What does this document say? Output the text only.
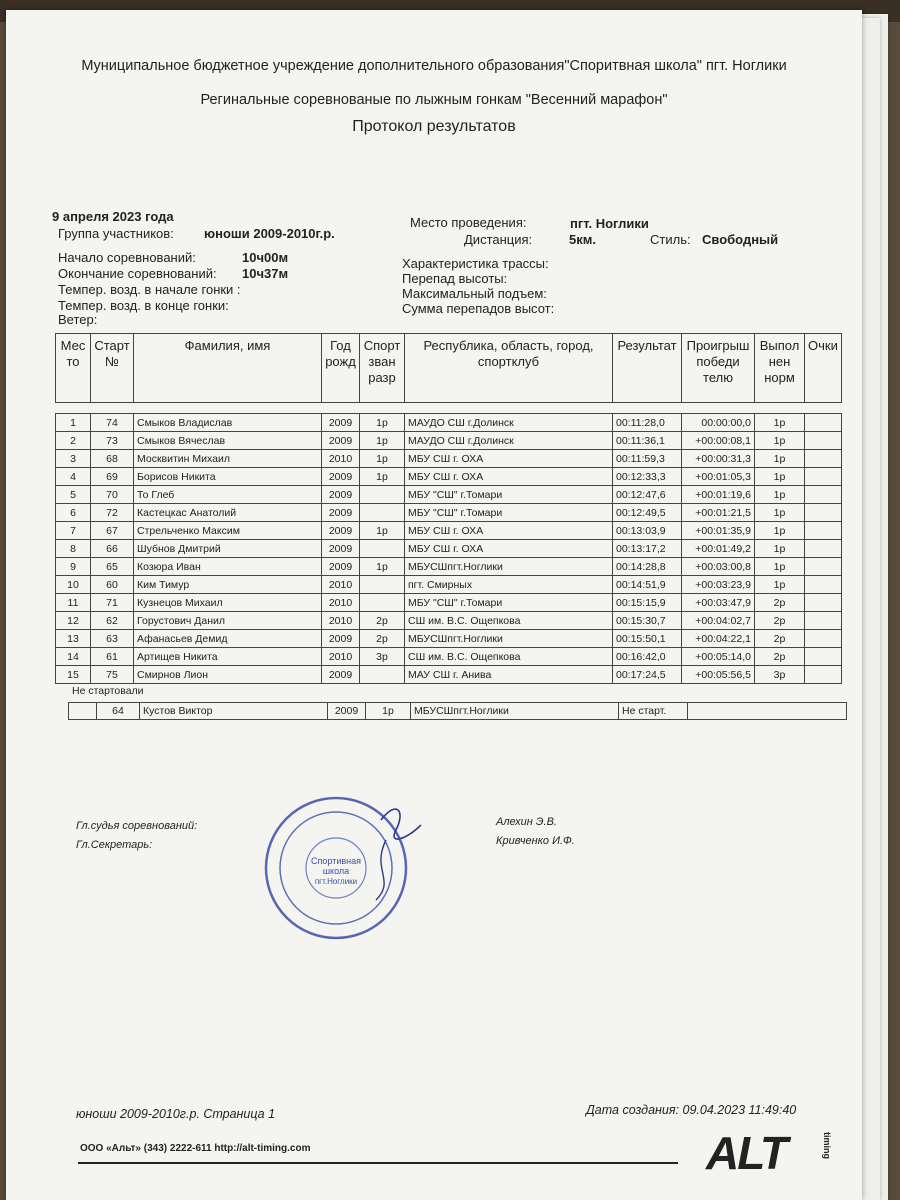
Муниципальное бюджетное учреждение дополнительного образования"Споритвная школа" пгт. Ноглики
Регинальные соревнованые по лыжным гонкам "Весенний марафон"
Протокол результатов
9 апреля 2023 года
Группа участников: юноши 2009-2010г.р.
Место проведения:	пгт. Ноглики
Дистанция:	5км.	Стиль: Свободный
Начало соревнований:	10ч00м
Окончание соревнований: 10ч37м
Темпер. возд. в начале гонки :
Темпер. возд. в конце гонки:
Ветер:
Характеристика трассы:
Перепад высоты:
Максимальный подъем:
Сумма перепадов высот:
Мес то	Старт №	Фамилия, имя	Год рожд	Спорт зван разр	Республика, область, город, спортклуб	Результат	Проигрыш победи телю	Выпол нен норм	Очки

1	74	Смыков Владислав	2009	1р	МАУДО СШ г.Долинск	00:11:28,0	00:00:00,0	1р	
2	73	Смыков Вячеслав	2009	1р	МАУДО СШ г.Долинск	00:11:36,1	+00:00:08,1	1р	
3	68	Москвитин Михаил	2010	1р	МБУ СШ г. ОХА	00:11:59,3	+00:00:31,3	1р	
4	69	Борисов Никита	2009	1р	МБУ СШ г. ОХА	00:12:33,3	+00:01:05,3	1р	
5	70	То Глеб	2009		МБУ "СШ" г.Томари	00:12:47,6	+00:01:19,6	1р	
6	72	Кастецкас Анатолий	2009		МБУ "СШ" г.Томари	00:12:49,5	+00:01:21,5	1р	
7	67	Стрельченко Максим	2009	1р	МБУ СШ г. ОХА	00:13:03,9	+00:01:35,9	1р	
8	66	Шубнов Дмитрий	2009		МБУ СШ г. ОХА	00:13:17,2	+00:01:49,2	1р	
9	65	Козюра Иван	2009	1р	МБУСШпгт.Ноглики	00:14:28,8	+00:03:00,8	1р	
10	60	Ким Тимур	2010		пгт. Смирных	00:14:51,9	+00:03:23,9	1р	
11	71	Кузнецов Михаил	2010		МБУ "СШ" г.Томари	00:15:15,9	+00:03:47,9	2р	
12	62	Горустович Данил	2010	2р	СШ им. В.С. Ощепкова	00:15:30,7	+00:04:02,7	2р	
13	63	Афанасьев Демид	2009	2р	МБУСШпгт.Ноглики	00:15:50,1	+00:04:22,1	2р	
14	61	Артищев Никита	2010	3р	СШ им. В.С. Ощепкова	00:16:42,0	+00:05:14,0	2р	
15	75	Смирнов Лион	2009		МАУ СШ г. Анива	00:17:24,5	+00:05:56,5	3р	
Не стартовали
	64	Кустов Виктор	2009	1р	МБУСШпгт.Ноглики	Не старт.	
Гл.судья соревнований:
Гл.Секретарь:
Алехин Э.В.
Кривченко И.Ф.
Спортивная
школа
пгт.Ноглики
юноши 2009-2010г.р. Страница 1	Дата создания: 09.04.2023 11:49:40
ООО «Альт» (343) 2222-611 http://alt-timing.com	ALT	timing
